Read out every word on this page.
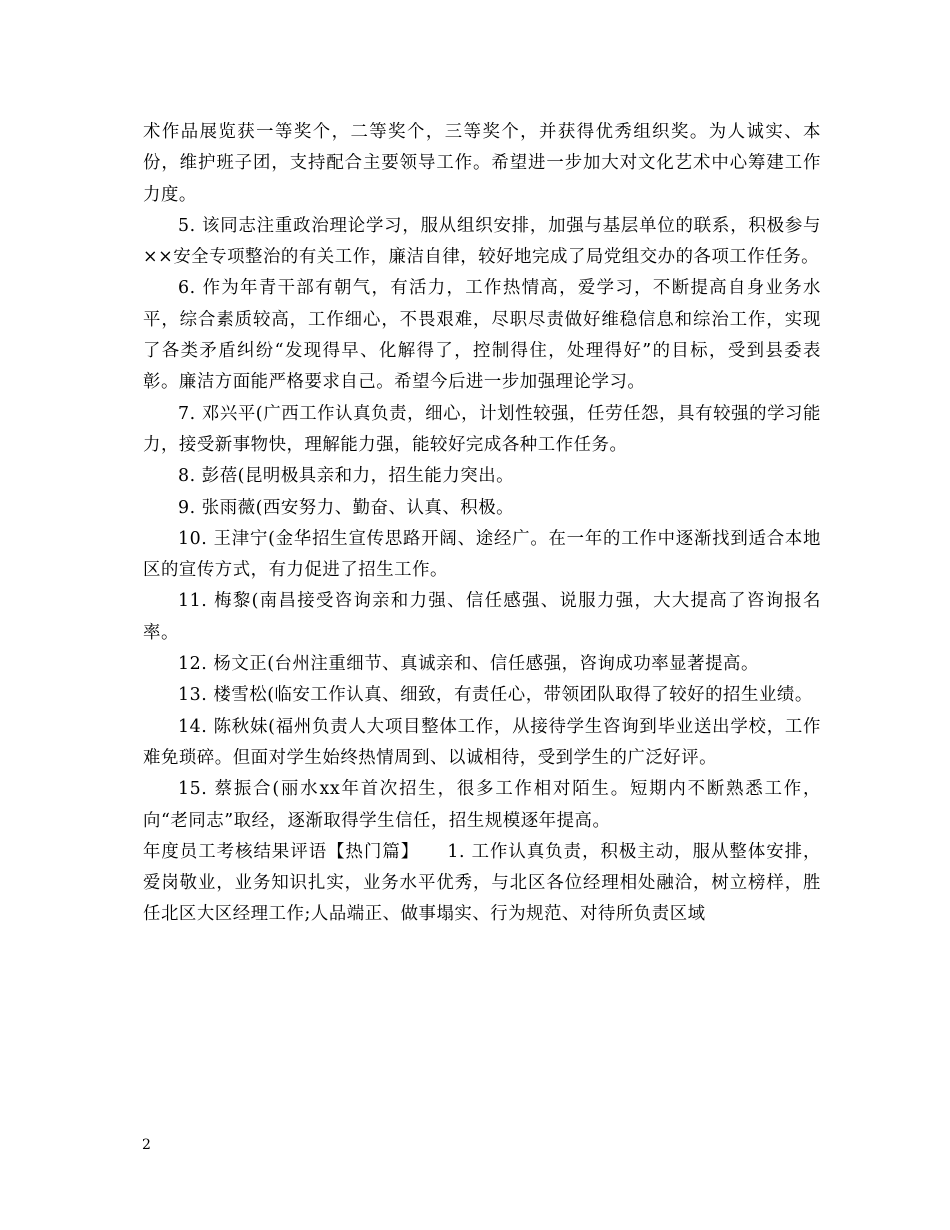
术作品展览获一等奖个，二等奖个，三等奖个，并获得优秀组织奖。为人诚实、本份，维护班子团，支持配合主要领导工作。希望进一步加大对文化艺术中心筹建工作力度。

5. 该同志注重政治理论学习，服从组织安排，加强与基层单位的联系，积极参与××安全专项整治的有关工作，廉洁自律，较好地完成了局党组交办的各项工作任务。

6. 作为年青干部有朝气，有活力，工作热情高，爱学习，不断提高自身业务水平，综合素质较高，工作细心，不畏艰难，尽职尽责做好维稳信息和综治工作，实现了各类矛盾纠纷“发现得早、化解得了，控制得住，处理得好”的目标，受到县委表彰。廉洁方面能严格要求自己。希望今后进一步加强理论学习。

7. 邓兴平(广西工作认真负责，细心，计划性较强，任劳任怨，具有较强的学习能力，接受新事物快，理解能力强，能较好完成各种工作任务。

8. 彭蓓(昆明极具亲和力，招生能力突出。

9. 张雨薇(西安努力、勤奋、认真、积极。

10. 王津宁(金华招生宣传思路开阔、途经广。在一年的工作中逐渐找到适合本地区的宣传方式，有力促进了招生工作。

11. 梅黎(南昌接受咨询亲和力强、信任感强、说服力强，大大提高了咨询报名率。

12. 杨文正(台州注重细节、真诚亲和、信任感强，咨询成功率显著提高。

13. 楼雪松(临安工作认真、细致，有责任心，带领团队取得了较好的招生业绩。

14. 陈秋妹(福州负责人大项目整体工作，从接待学生咨询到毕业送出学校，工作难免琐碎。但面对学生始终热情周到、以诚相待，受到学生的广泛好评。

15. 蔡振合(丽水xx年首次招生，很多工作相对陌生。短期内不断熟悉工作，向“老同志”取经，逐渐取得学生信任，招生规模逐年提高。

年度员工考核结果评语【热门篇】　　1. 工作认真负责，积极主动，服从整体安排，爱岗敬业，业务知识扎实，业务水平优秀，与北区各位经理相处融洽，树立榜样，胜任北区大区经理工作;人品端正、做事塌实、行为规范、对待所负责区域

2
